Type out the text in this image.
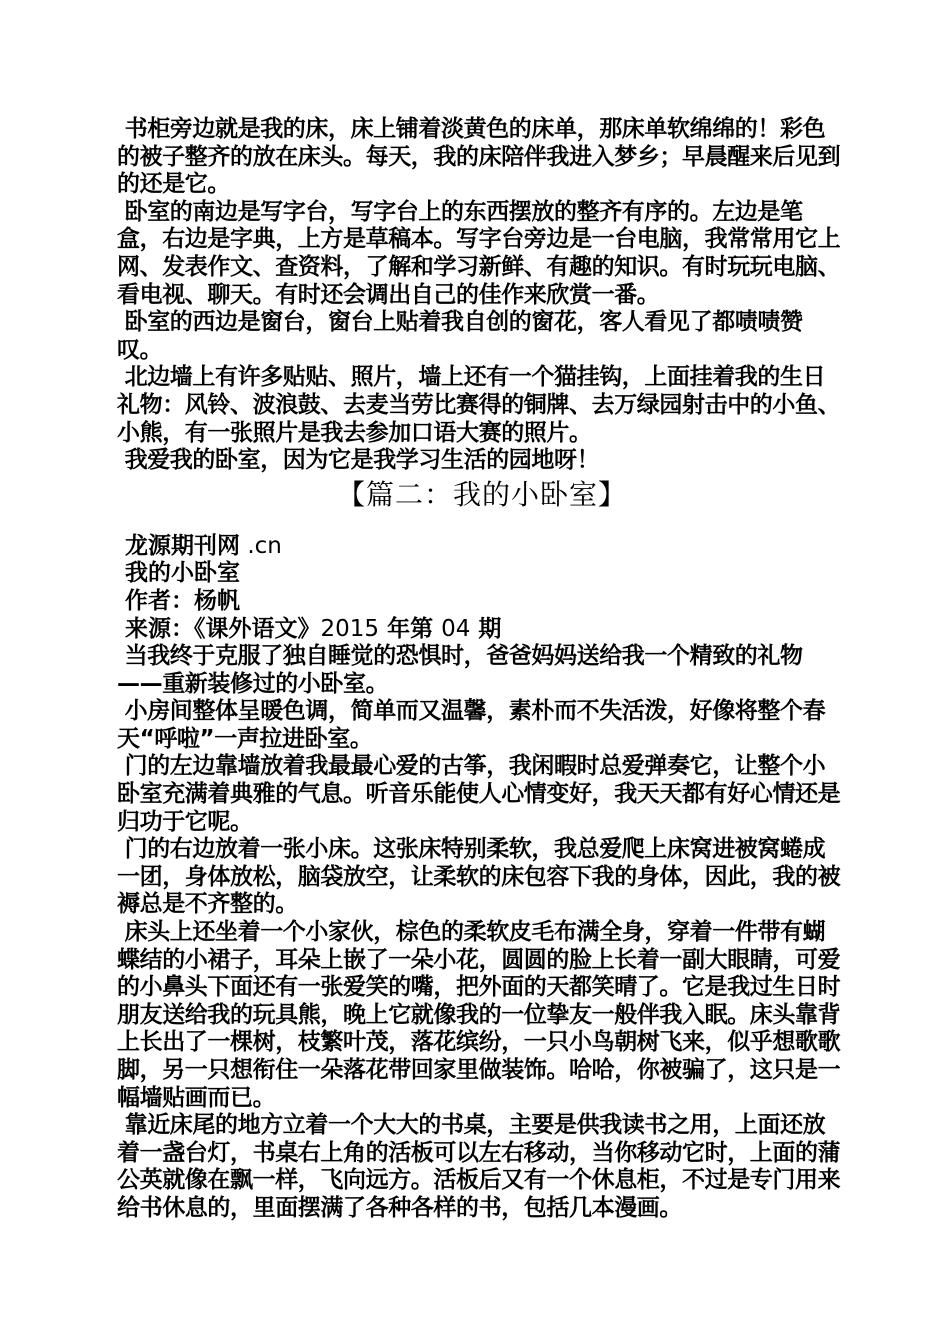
书柜旁边就是我的床，床上铺着淡黄色的床单，那床单软绵绵的！彩色的被子整齐的放在床头。每天，我的床陪伴我进入梦乡；早晨醒来后见到的还是它。

卧室的南边是写字台，写字台上的东西摆放的整齐有序的。左边是笔盒，右边是字典，上方是草稿本。写字台旁边是一台电脑，我常常用它上网、发表作文、查资料，了解和学习新鲜、有趣的知识。有时玩玩电脑、看电视、聊天。有时还会调出自己的佳作来欣赏一番。

卧室的西边是窗台，窗台上贴着我自创的窗花，客人看见了都啧啧赞叹。

北边墙上有许多贴贴、照片，墙上还有一个猫挂钩，上面挂着我的生日礼物：风铃、波浪鼓、去麦当劳比赛得的铜牌、去万绿园射击中的小鱼、小熊，有一张照片是我去参加口语大赛的照片。

我爱我的卧室，因为它是我学习生活的园地呀！

【篇二：我的小卧室】

龙源期刊网 .cn

我的小卧室

作者：杨帆

来源：《课外语文》2015 年第 04 期

当我终于克服了独自睡觉的恐惧时，爸爸妈妈送给我一个精致的礼物——重新装修过的小卧室。

小房间整体呈暖色调，简单而又温馨，素朴而不失活泼，好像将整个春天“呼啦”一声拉进卧室。

门的左边靠墙放着我最最心爱的古筝，我闲暇时总爱弹奏它，让整个小卧室充满着典雅的气息。听音乐能使人心情变好，我天天都有好心情还是归功于它呢。

门的右边放着一张小床。这张床特别柔软，我总爱爬上床窝进被窝蜷成一团，身体放松，脑袋放空，让柔软的床包容下我的身体，因此，我的被褥总是不齐整的。

床头上还坐着一个小家伙，棕色的柔软皮毛布满全身，穿着一件带有蝴蝶结的小裙子，耳朵上嵌了一朵小花，圆圆的脸上长着一副大眼睛，可爱的小鼻头下面还有一张爱笑的嘴，把外面的天都笑晴了。它是我过生日时朋友送给我的玩具熊，晚上它就像我的一位挚友一般伴我入眠。床头靠背上长出了一棵树，枝繁叶茂，落花缤纷，一只小鸟朝树飞来，似乎想歌歌脚，另一只想衔住一朵落花带回家里做装饰。哈哈，你被骗了，这只是一幅墙贴画而已。

靠近床尾的地方立着一个大大的书桌，主要是供我读书之用，上面还放着一盏台灯，书桌右上角的活板可以左右移动，当你移动它时，上面的蒲公英就像在飘一样，飞向远方。活板后又有一个休息柜，不过是专门用来给书休息的，里面摆满了各种各样的书，包括几本漫画。
